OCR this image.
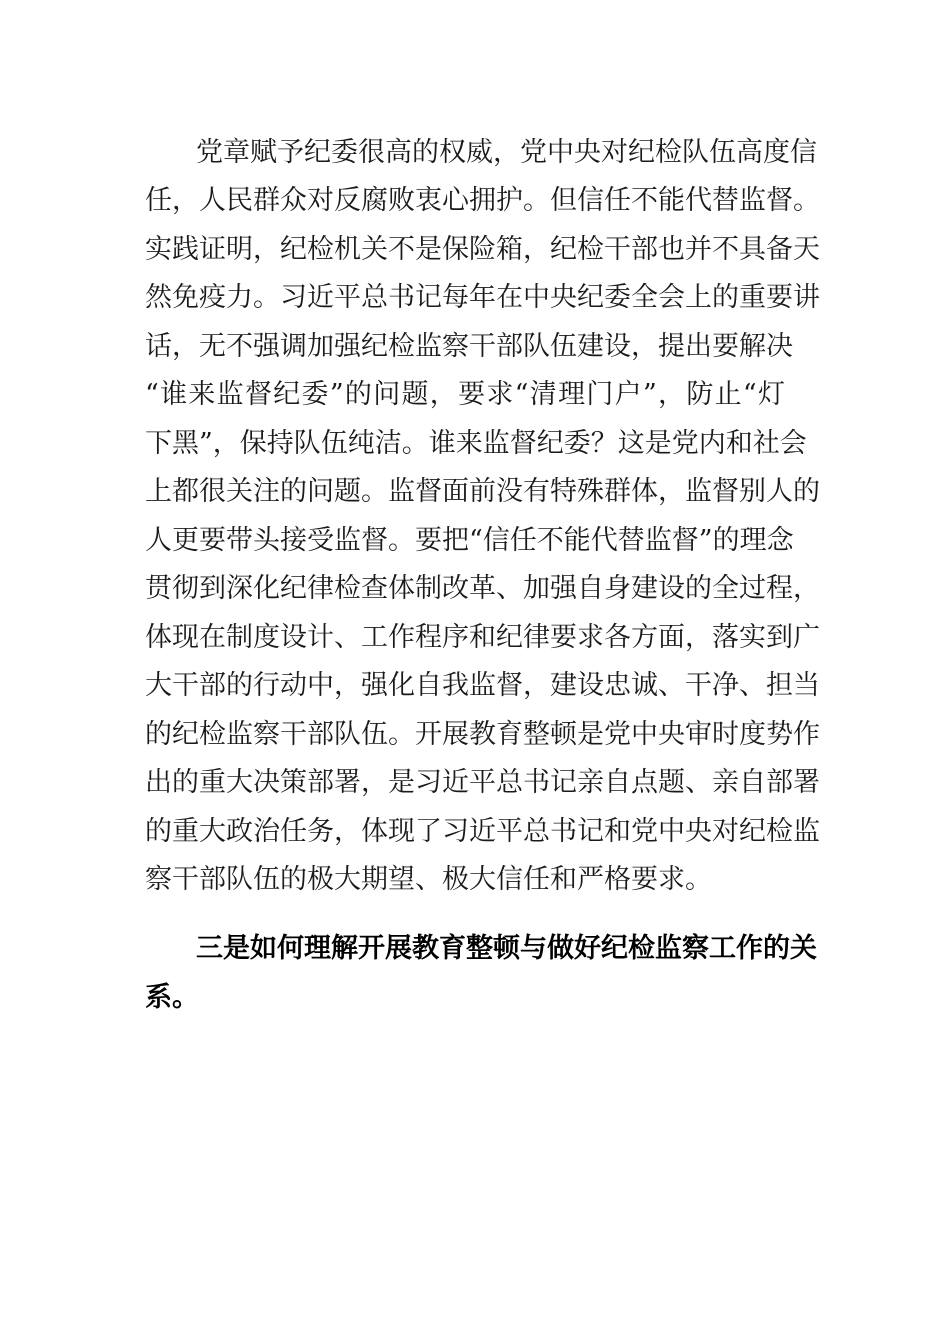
党章赋予纪委很高的权威，党中央对纪检队伍高度信
任，人民群众对反腐败衷心拥护。但信任不能代替监督。
实践证明，纪检机关不是保险箱，纪检干部也并不具备天
然免疫力。习近平总书记每年在中央纪委全会上的重要讲
话，无不强调加强纪检监察干部队伍建设，提出要解决
“谁来监督纪委”的问题，要求“清理门户”，防止“灯
下黑”，保持队伍纯洁。谁来监督纪委？这是党内和社会
上都很关注的问题。监督面前没有特殊群体，监督别人的
人更要带头接受监督。要把“信任不能代替监督”的理念
贯彻到深化纪律检查体制改革、加强自身建设的全过程，
体现在制度设计、工作程序和纪律要求各方面，落实到广
大干部的行动中，强化自我监督，建设忠诚、干净、担当
的纪检监察干部队伍。开展教育整顿是党中央审时度势作
出的重大决策部署，是习近平总书记亲自点题、亲自部署
的重大政治任务，体现了习近平总书记和党中央对纪检监
察干部队伍的极大期望、极大信任和严格要求。
三是如何理解开展教育整顿与做好纪检监察工作的关
系。
